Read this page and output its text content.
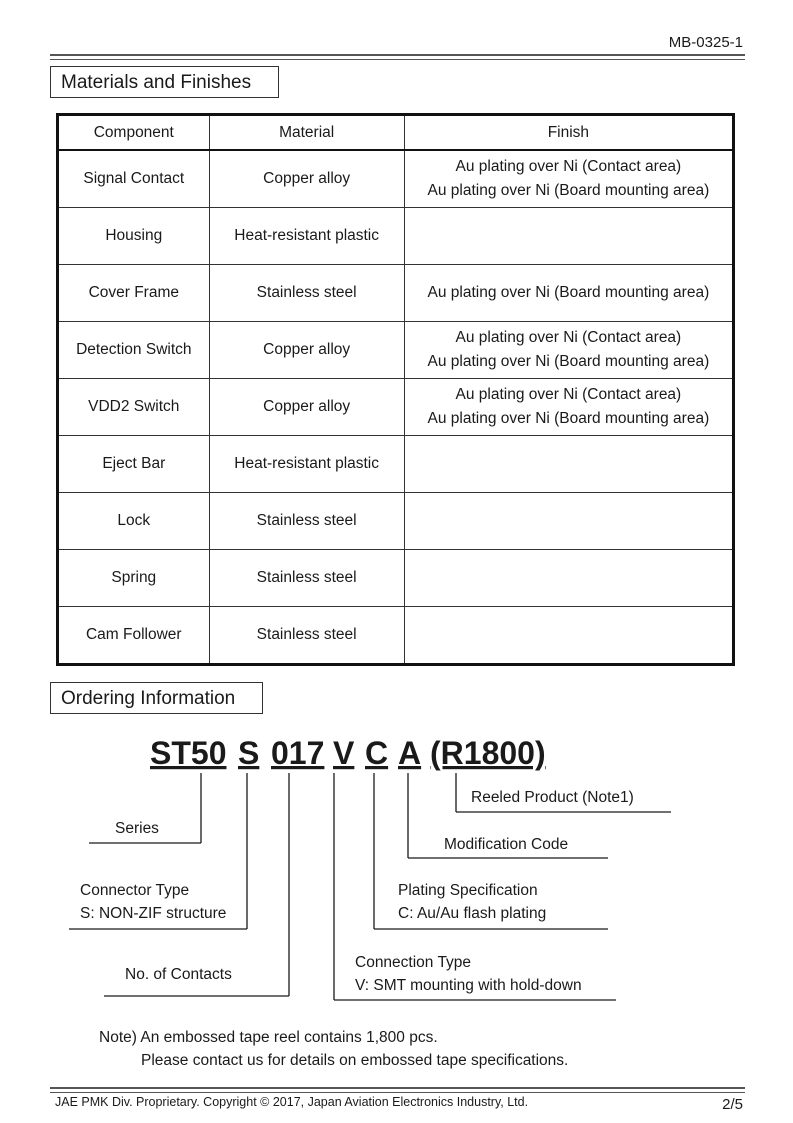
MB-0325-1
Materials and Finishes
Component	Material	Finish
Signal Contact	Copper alloy	Au plating over Ni (Contact area)
Au plating over Ni (Board mounting area)

Housing	Heat-resistant plastic	
Cover Frame	Stainless steel	Au plating over Ni (Board mounting area)

Detection Switch	Copper alloy	Au plating over Ni (Contact area)
Au plating over Ni (Board mounting area)

VDD2 Switch	Copper alloy	Au plating over Ni (Contact area)
Au plating over Ni (Board mounting area)

Eject Bar	Heat-resistant plastic	
Lock	Stainless steel	
Spring	Stainless steel	
Cam Follower	Stainless steel	
Ordering Information
ST50 S 017 V C A (R1800)
Reeled Product (Note1)
Series
Modification Code
Connector Type
S: NON-ZIF structure
Plating Specification
C: Au/Au flash plating
No. of Contacts
Connection Type
V: SMT mounting with hold-down
Note) An embossed tape reel contains 1,800 pcs.
Please contact us for details on embossed tape specifications.
JAE PMK Div. Proprietary. Copyright © 2017, Japan Aviation Electronics Industry, Ltd.	2/5
